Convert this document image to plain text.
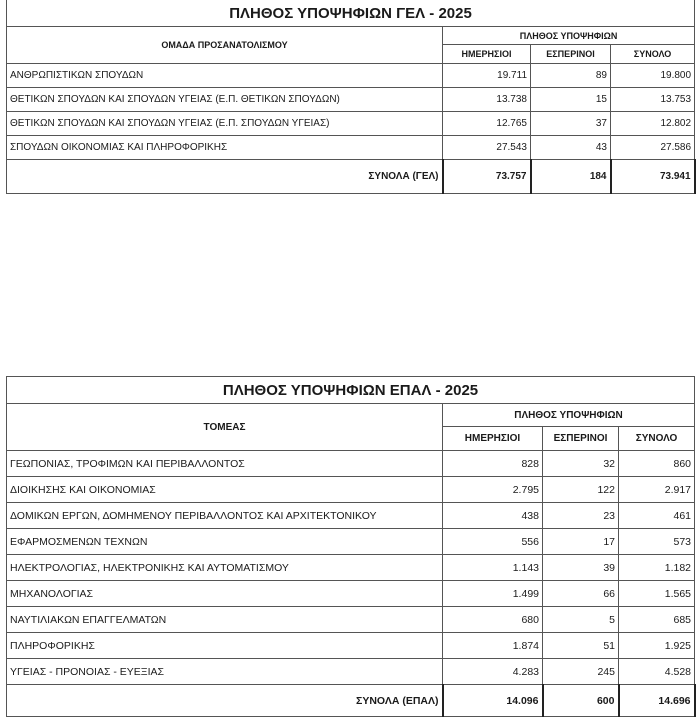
ΠΛΗΘΟΣ ΥΠΟΨΗΦΙΩΝ ΓΕΛ - 2025			
ΟΜΑΔΑ ΠΡΟΣΑΝΑΤΟΛΙΣΜΟΥ	ΠΛΗΘΟΣ ΥΠΟΨΗΦΙΩΝ		
	ΗΜΕΡΗΣΙΟΙ	ΕΣΠΕΡΙΝΟΙ	ΣΥΝΟΛΟ
ΑΝΘΡΩΠΙΣΤΙΚΩΝ ΣΠΟΥΔΩΝ	19.711	89	19.800
ΘΕΤΙΚΩΝ ΣΠΟΥΔΩΝ ΚΑΙ ΣΠΟΥΔΩΝ ΥΓΕΙΑΣ (Ε.Π. ΘΕΤΙΚΩΝ ΣΠΟΥΔΩΝ)	13.738	15	13.753
ΘΕΤΙΚΩΝ ΣΠΟΥΔΩΝ ΚΑΙ ΣΠΟΥΔΩΝ ΥΓΕΙΑΣ (Ε.Π. ΣΠΟΥΔΩΝ ΥΓΕΙΑΣ)	12.765	37	12.802
ΣΠΟΥΔΩΝ ΟΙΚΟΝΟΜΙΑΣ ΚΑΙ ΠΛΗΡΟΦΟΡΙΚΗΣ	27.543	43	27.586
ΣΥΝΟΛΑ (ΓΕΛ)	73.757	184	73.941
ΠΛΗΘΟΣ ΥΠΟΨΗΦΙΩΝ ΕΠΑΛ - 2025			
ΤΟΜΕΑΣ	ΠΛΗΘΟΣ ΥΠΟΨΗΦΙΩΝ		
	ΗΜΕΡΗΣΙΟΙ	ΕΣΠΕΡΙΝΟΙ	ΣΥΝΟΛΟ
ΓΕΩΠΟΝΙΑΣ, ΤΡΟΦΙΜΩΝ ΚΑΙ ΠΕΡΙΒΑΛΛΟΝΤΟΣ	828	32	860
ΔΙΟΙΚΗΣΗΣ ΚΑΙ ΟΙΚΟΝΟΜΙΑΣ	2.795	122	2.917
ΔΟΜΙΚΩΝ ΕΡΓΩΝ, ΔΟΜΗΜΕΝΟΥ ΠΕΡΙΒΑΛΛΟΝΤΟΣ ΚΑΙ ΑΡΧΙΤΕΚΤΟΝΙΚΟΥ	438	23	461
ΕΦΑΡΜΟΣΜΕΝΩΝ ΤΕΧΝΩΝ	556	17	573
ΗΛΕΚΤΡΟΛΟΓΙΑΣ, ΗΛΕΚΤΡΟΝΙΚΗΣ ΚΑΙ ΑΥΤΟΜΑΤΙΣΜΟΥ	1.143	39	1.182
ΜΗΧΑΝΟΛΟΓΙΑΣ	1.499	66	1.565
ΝΑΥΤΙΛΙΑΚΩΝ ΕΠΑΓΓΕΛΜΑΤΩΝ	680	5	685
ΠΛΗΡΟΦΟΡΙΚΗΣ	1.874	51	1.925
ΥΓΕΙΑΣ - ΠΡΟΝΟΙΑΣ - ΕΥΕΞΙΑΣ	4.283	245	4.528
ΣΥΝΟΛΑ (ΕΠΑΛ)	14.096	600	14.696
